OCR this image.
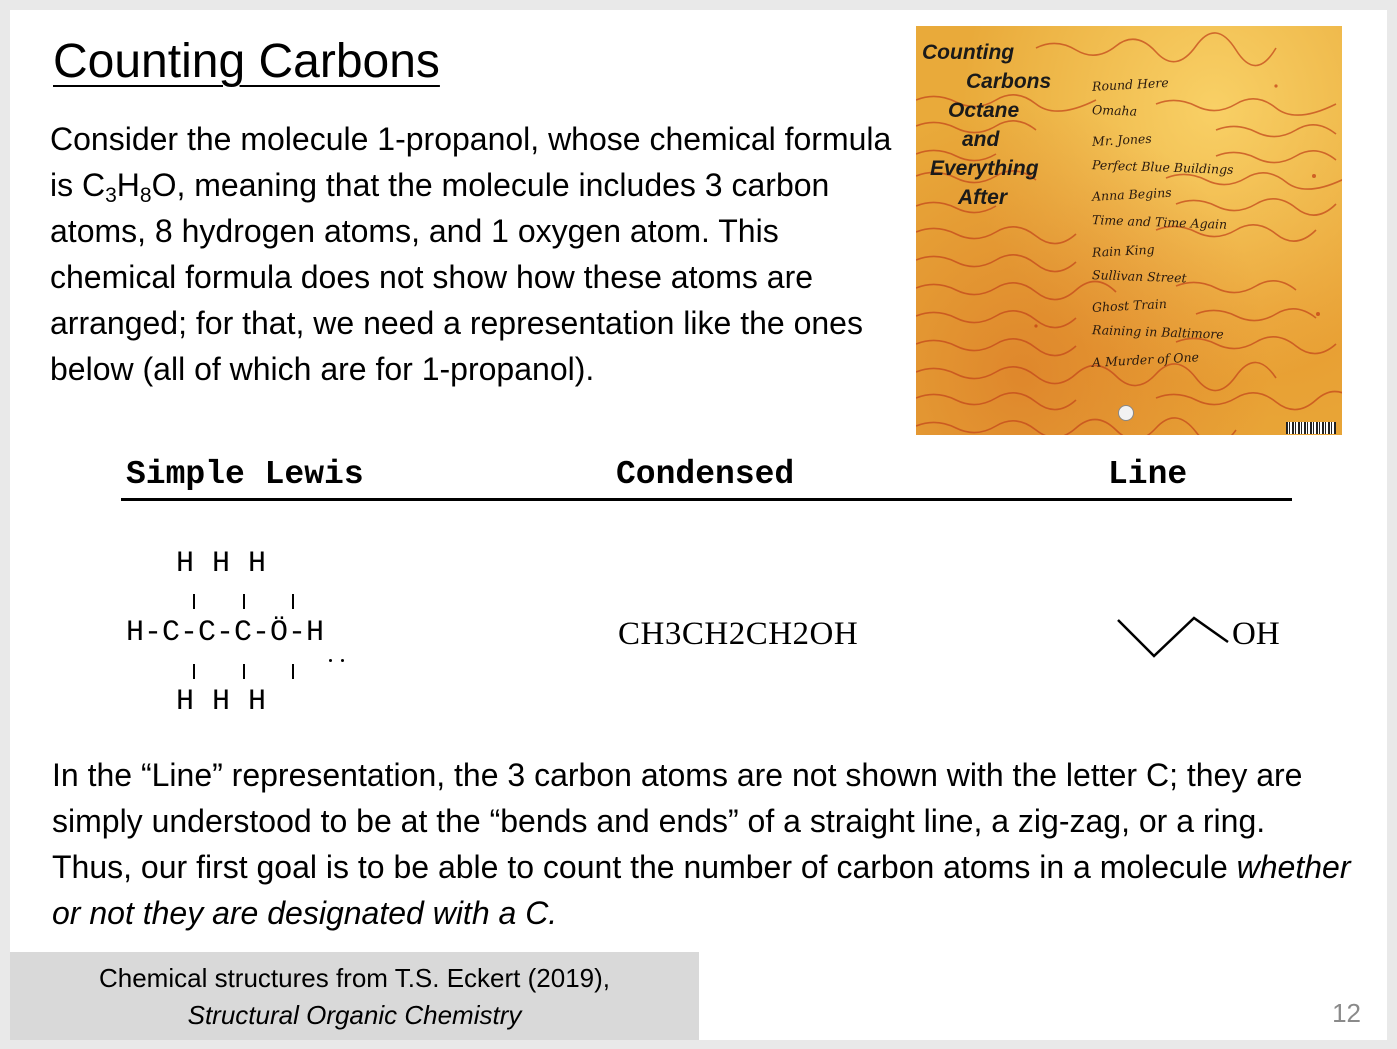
Counting Carbons
Consider the molecule 1-propanol, whose chemical formula is $C_3H_8O$, meaning that the molecule includes 3 carbon atoms, 8 hydrogen atoms, and 1 oxygen atom. This chemical formula does not show how these atoms are arranged; for that, we need a representation like the ones below (all of which are for 1-propanol).
Counting
Carbons
Octane
and
Everything
After
Round Here
Omaha
Mr. Jones
Perfect Blue Buildings
Anna Begins
Time and Time Again
Rain King
Sullivan Street
Ghost Train
Raining in Baltimore
A Murder of One
Simple Lewis	Condensed	Line
H H H
H-C-C-C-Ö-H
H H H
CH3CH2CH2OH	OH
In the “Line” representation, the 3 carbon atoms are not shown with the letter C; they are simply understood to be at the “bends and ends” of a straight line, a zig-zag, or a ring. Thus, our first goal is to be able to count the number of carbon atoms in a molecule whether or not they are designated with a C.
Chemical structures from T.S. Eckert (2019),
Structural Organic Chemistry	12
